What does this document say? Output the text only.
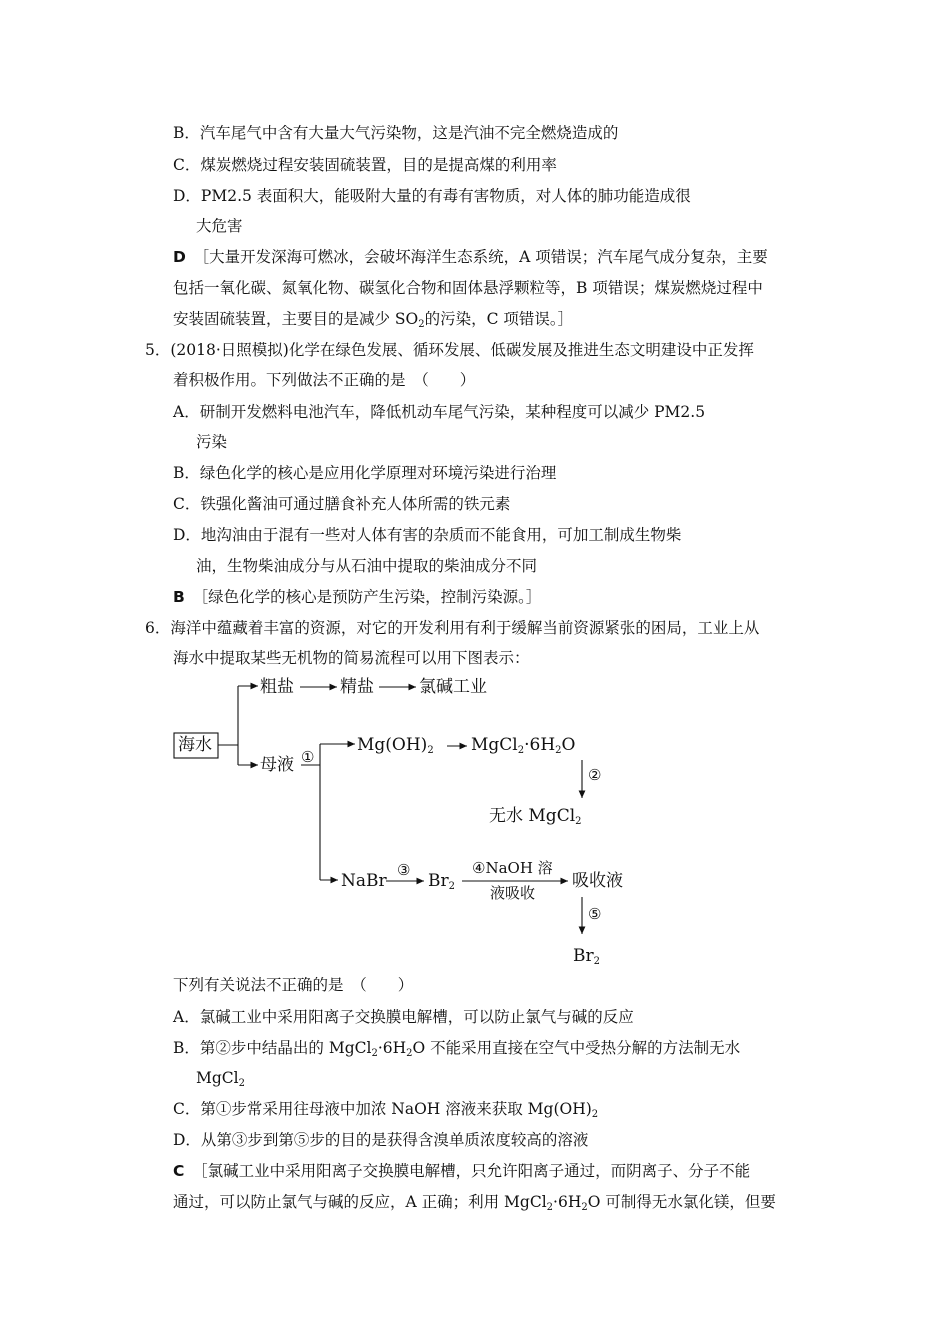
B．汽车尾气中含有大量大气污染物，这是汽油不完全燃烧造成的
C．煤炭燃烧过程安装固硫装置，目的是提高煤的利用率
D．PM2.5 表面积大，能吸附大量的有毒有害物质，对人体的肺功能造成很
大危害
D　 ［大量开发深海可燃冰，会破坏海洋生态系统，A 项错误；汽车尾气成分复杂，主要
包括一氧化碳、氮氧化物、碳氢化合物和固体悬浮颗粒等，B 项错误；煤炭燃烧过程中
安装固硫装置，主要目的是减少 $SO_2$的污染，C 项错误。］
5．(2018·日照模拟)化学在绿色发展、循环发展、低碳发展及推进生态文明建设中正发挥
着积极作用。下列做法不正确的是　（　　）
A．研制开发燃料电池汽车，降低机动车尾气污染，某种程度可以减少 PM2.5
污染
B．绿色化学的核心是应用化学原理对环境污染进行治理
C．铁强化酱油可通过膳食补充人体所需的铁元素
D．地沟油由于混有一些对人体有害的杂质而不能食用，可加工制成生物柴
油，生物柴油成分与从石油中提取的柴油成分不同
B　 ［绿色化学的核心是预防产生污染，控制污染源。］
6．海洋中蕴藏着丰富的资源，对它的开发利用有利于缓解当前资源紧张的困局，工业上从
海水中提取某些无机物的简易流程可以用下图表示：
海水
粗盐	精盐	氯碱工业
母液 ①
$Mg(OH)_2$ $MgCl_2\cdot 6H_2O$
②
无水 MgCl$_2$
NaBr
③
$Br_2$
④NaOH 溶
液吸收
吸收液
⑤
$Br_2$
下列有关说法不正确的是　（　　）
A．氯碱工业中采用阳离子交换膜电解槽，可以防止氯气与碱的反应
B．第②步中结晶出的 $MgCl_2\cdot 6H_2O$ 不能采用直接在空气中受热分解的方法制无水
MgCl$_2$
C．第①步常采用往母液中加浓 NaOH 溶液来获取 $Mg(OH)_2$
D．从第③步到第⑤步的目的是获得含溴单质浓度较高的溶液
C　 ［氯碱工业中采用阳离子交换膜电解槽，只允许阳离子通过，而阴离子、分子不能
通过，可以防止氯气与碱的反应，A 正确；利用 $MgCl_2\cdot 6H_2O$ 可制得无水氯化镁，但要
